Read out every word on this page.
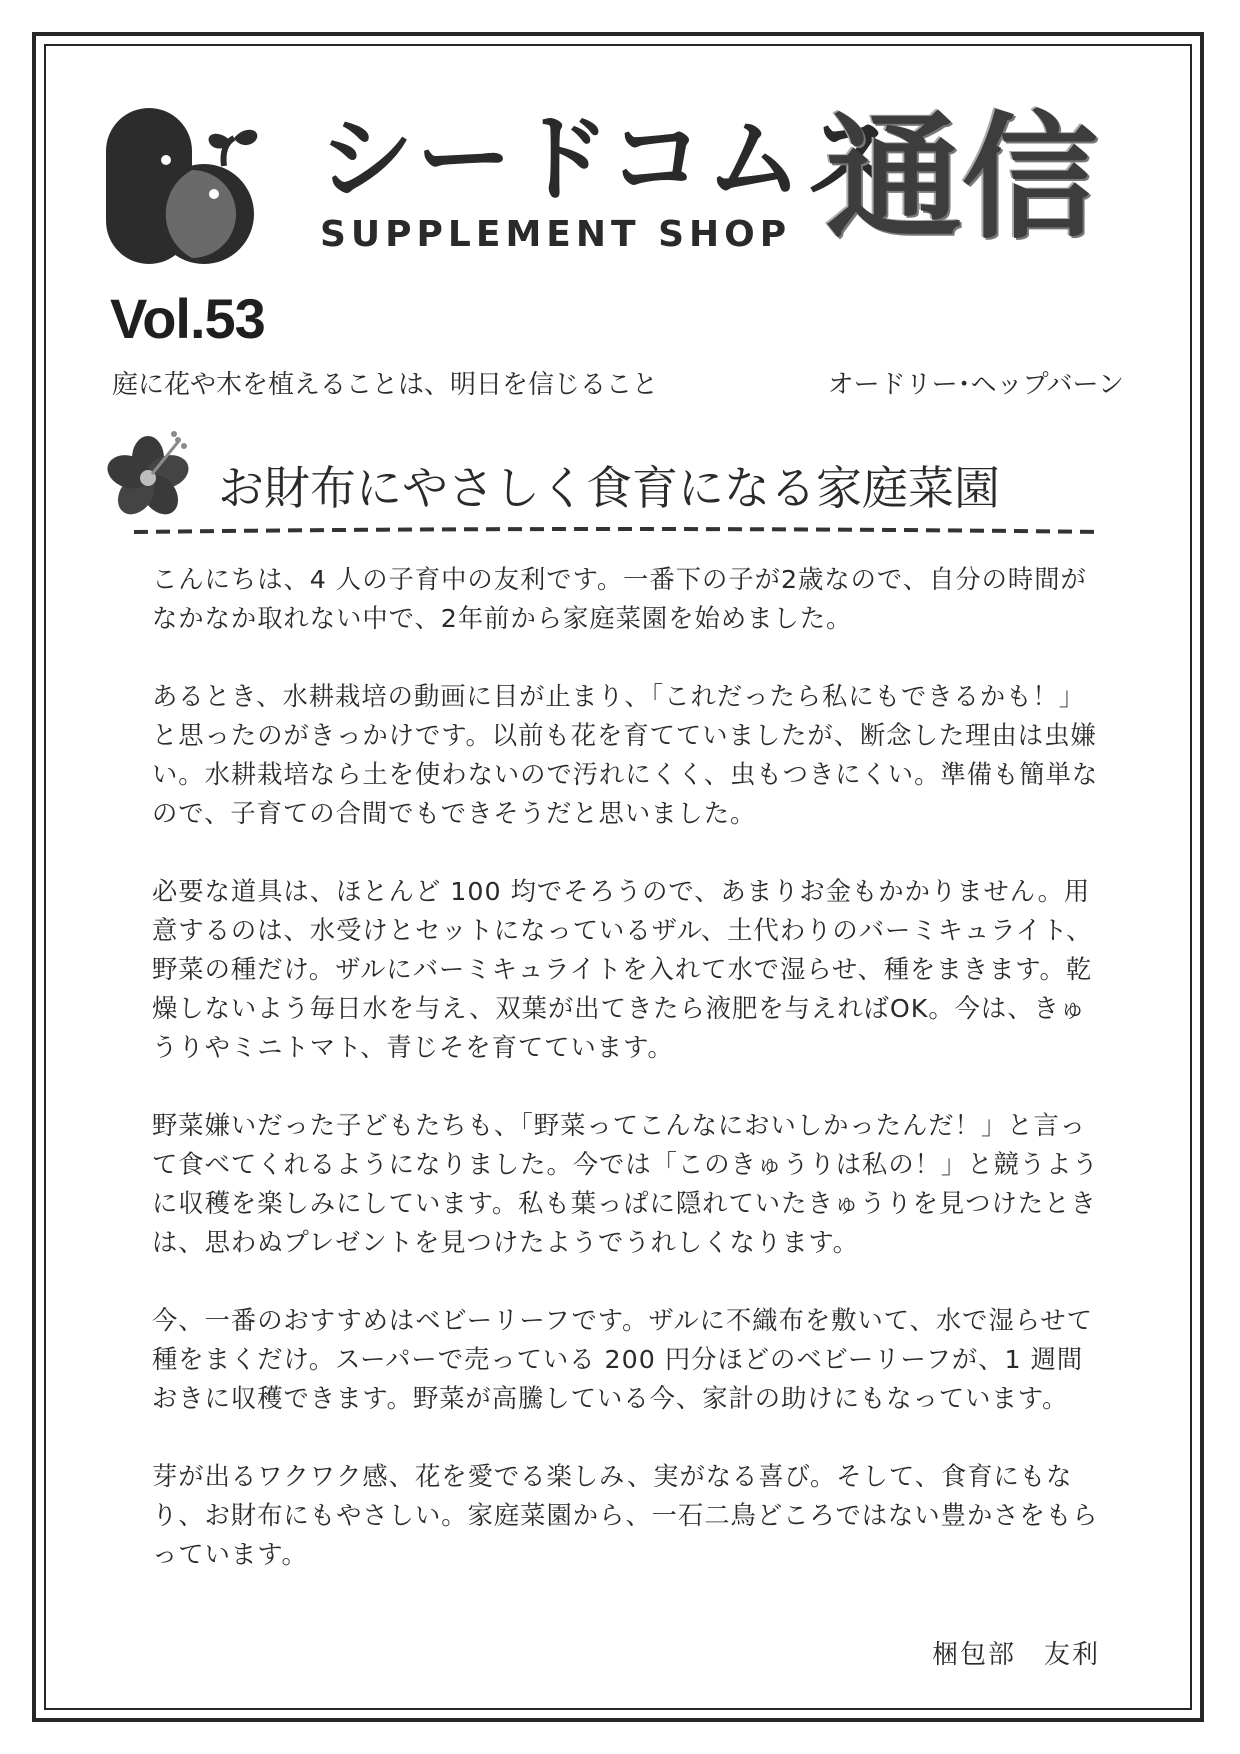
シードコムス
SUPPLEMENT SHOP 通信
Vol.53
庭に花や木を植えることは、明日を信じること	オードリー･ヘップバーン
お財布にやさしく食育になる家庭菜園

こんにちは、4 人の子育中の友利です。一番下の子が2歳なので、自分の時間がなかなか取れない中で、2年前から家庭菜園を始めました。

あるとき、水耕栽培の動画に目が止まり、「これだったら私にもできるかも！」と思ったのがきっかけです。以前も花を育てていましたが、断念した理由は虫嫌い。水耕栽培なら土を使わないので汚れにくく、虫もつきにくい。準備も簡単なので、子育ての合間でもできそうだと思いました。

必要な道具は、ほとんど 100 均でそろうので、あまりお金もかかりません。用意するのは、水受けとセットになっているザル、土代わりのバーミキュライト、野菜の種だけ。ザルにバーミキュライトを入れて水で湿らせ、種をまきます。乾燥しないよう毎日水を与え、双葉が出てきたら液肥を与えればOK。今は、きゅうりやミニトマト、青じそを育てています。

野菜嫌いだった子どもたちも、「野菜ってこんなにおいしかったんだ！」と言って食べてくれるようになりました。今では「このきゅうりは私の！」と競うように収穫を楽しみにしています。私も葉っぱに隠れていたきゅうりを見つけたときは、思わぬプレゼントを見つけたようでうれしくなります。

今、一番のおすすめはベビーリーフです。ザルに不織布を敷いて、水で湿らせて種をまくだけ。スーパーで売っている 200 円分ほどのベビーリーフが、1 週間おきに収穫できます。野菜が高騰している今、家計の助けにもなっています。

芽が出るワクワク感、花を愛でる楽しみ、実がなる喜び。そして、食育にもなり、お財布にもやさしい。家庭菜園から、一石二鳥どころではない豊かさをもらっています。

梱包部　友利
